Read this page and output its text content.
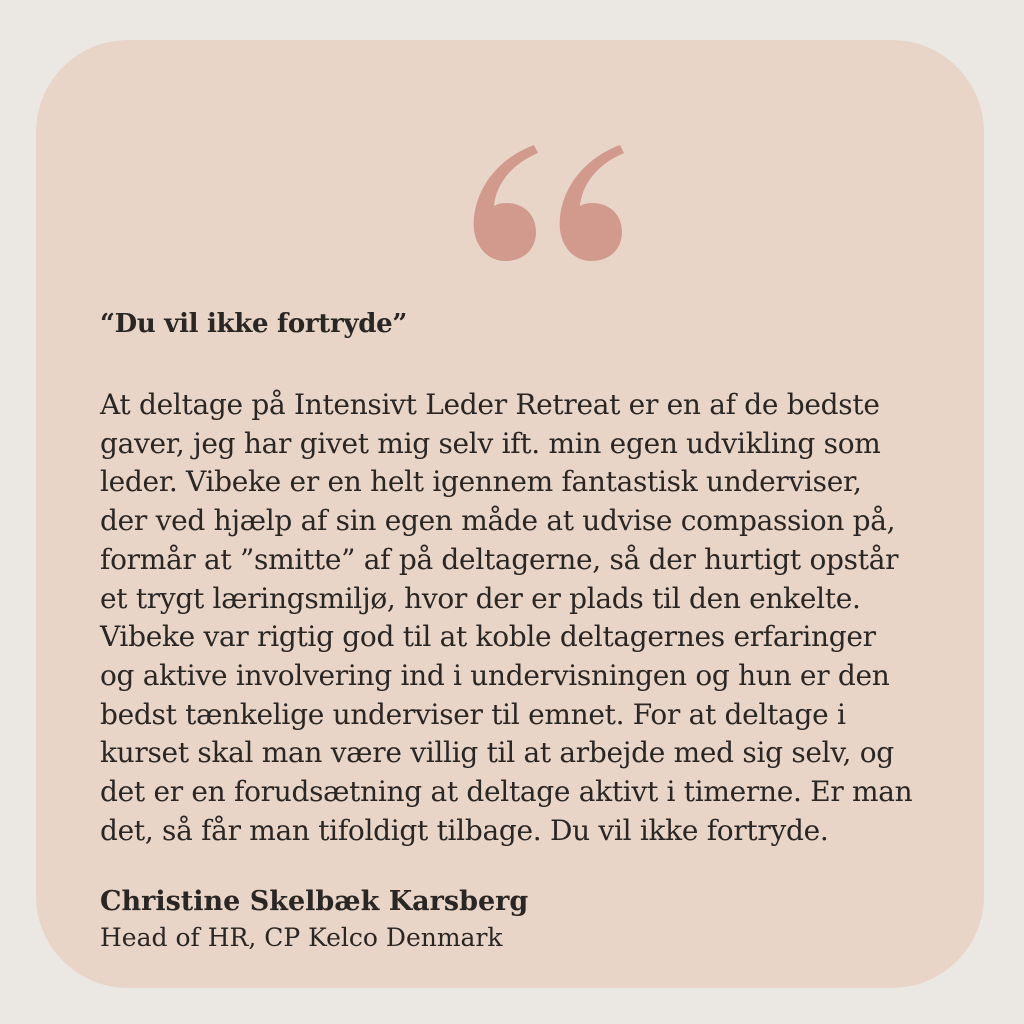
“Du vil ikke fortryde”

At deltage på Intensivt Leder Retreat er en af de bedste
gaver, jeg har givet mig selv ift. min egen udvikling som
leder. Vibeke er en helt igennem fantastisk underviser,
der ved hjælp af sin egen måde at udvise compassion på,
formår at ”smitte” af på deltagerne, så der hurtigt opstår
et trygt læringsmiljø, hvor der er plads til den enkelte.
Vibeke var rigtig god til at koble deltagernes erfaringer
og aktive involvering ind i undervisningen og hun er den
bedst tænkelige underviser til emnet. For at deltage i
kurset skal man være villig til at arbejde med sig selv, og
det er en forudsætning at deltage aktivt i timerne. Er man
det, så får man tifoldigt tilbage. Du vil ikke fortryde.

Christine Skelbæk Karsberg

Head of HR, CP Kelco Denmark
